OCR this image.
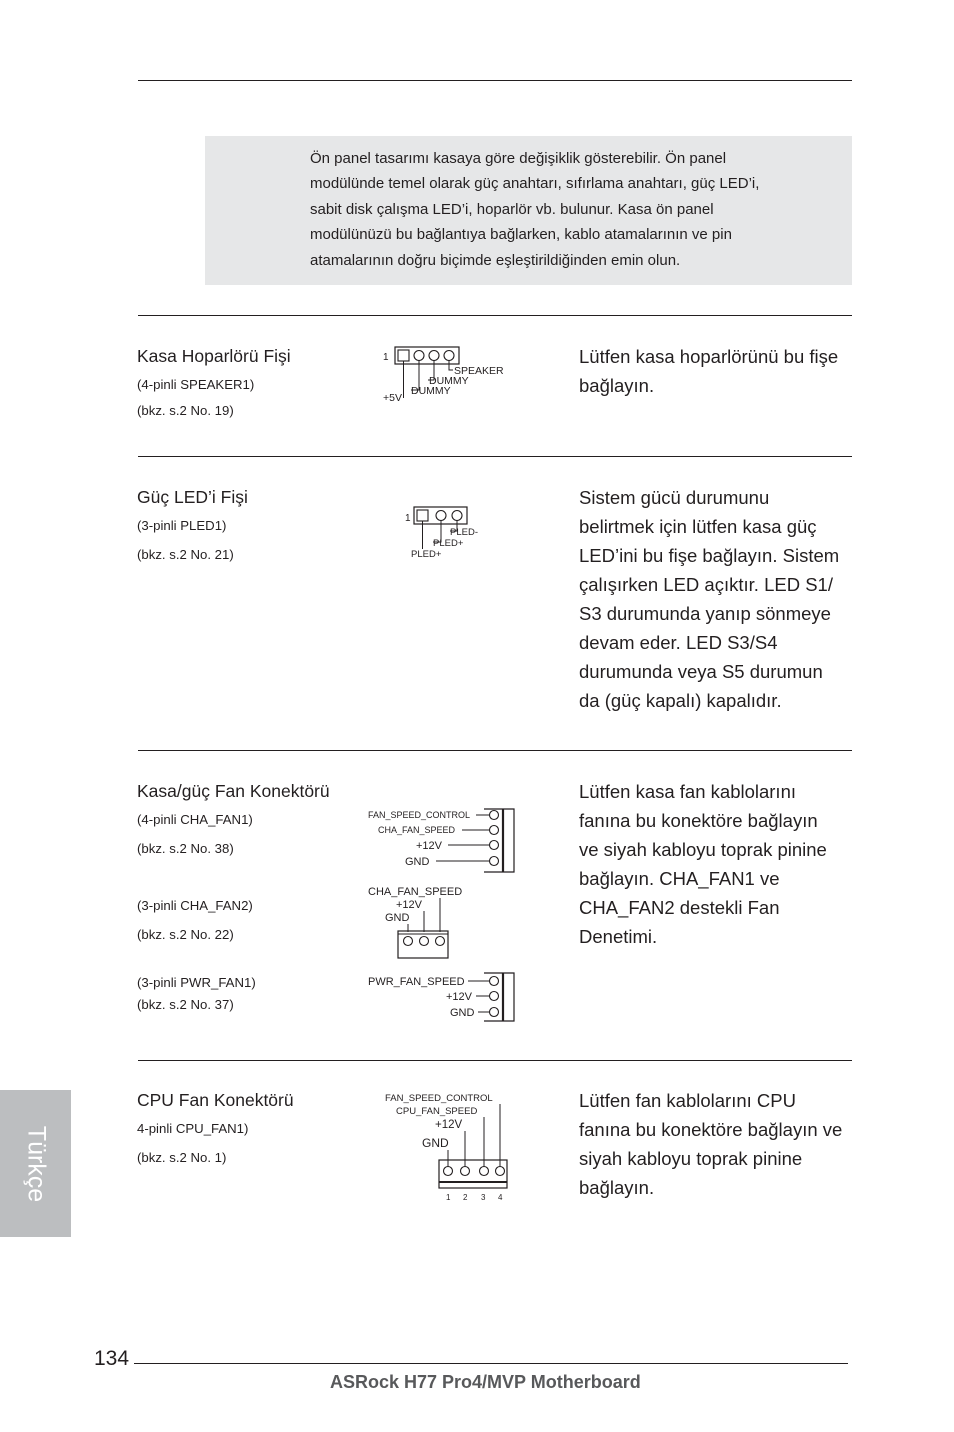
Ön panel tasarımı kasaya göre değişiklik gösterebilir. Ön panel
modülünde temel olarak güç anahtarı, sıfırlama anahtarı, güç LED’i,
sabit disk çalışma LED’i, hoparlör vb. bulunur. Kasa ön panel
modülünüzü bu bağlantıya bağlarken, kablo atamalarının ve pin
atamalarının doğru biçimde eşleştirildiğinden emin olun.
Kasa Hoparlörü Fişi
(4-pinli SPEAKER1)
(bkz. s.2 No. 19)
1
SPEAKER
DUMMY
DUMMY
+5V
Lütfen kasa hoparlörünü bu fişe
bağlayın.
Güç LED’i Fişi
(3-pinli PLED1)
(bkz. s.2 No. 21)
1
PLED-
PLED+
PLED+
Sistem gücü durumunu
belirtmek için lütfen kasa güç
LED’ini bu fişe bağlayın. Sistem
çalışırken LED açıktır. LED S1/
S3 durumunda yanıp sönmeye
devam eder. LED S3/S4
durumunda veya S5 durumun
da (güç kapalı) kapalıdır.
Kasa/güç Fan Konektörü
(4-pinli CHA_FAN1)
(bkz. s.2 No. 38)
(3-pinli CHA_FAN2)
(bkz. s.2 No. 22)
(3-pinli PWR_FAN1)
(bkz. s.2 No. 37)
FAN_SPEED_CONTROL
CHA_FAN_SPEED
+12V
GND
CHA_FAN_SPEED
+12V
GND
PWR_FAN_SPEED
+12V
GND
Lütfen kasa fan kablolarını
fanına bu konektöre bağlayın
ve siyah kabloyu toprak pinine
bağlayın. CHA_FAN1 ve
CHA_FAN2 destekli Fan
Denetimi.
CPU Fan Konektörü
4-pinli CPU_FAN1)
(bkz. s.2 No. 1)
FAN_SPEED_CONTROL
CPU_FAN_SPEED
+12V
GND
1 2 3 4
Lütfen fan kablolarını CPU
fanına bu konektöre bağlayın ve
siyah kabloyu toprak pinine
bağlayın.
Türkçe
134
ASRock H77 Pro4/MVP Motherboard
